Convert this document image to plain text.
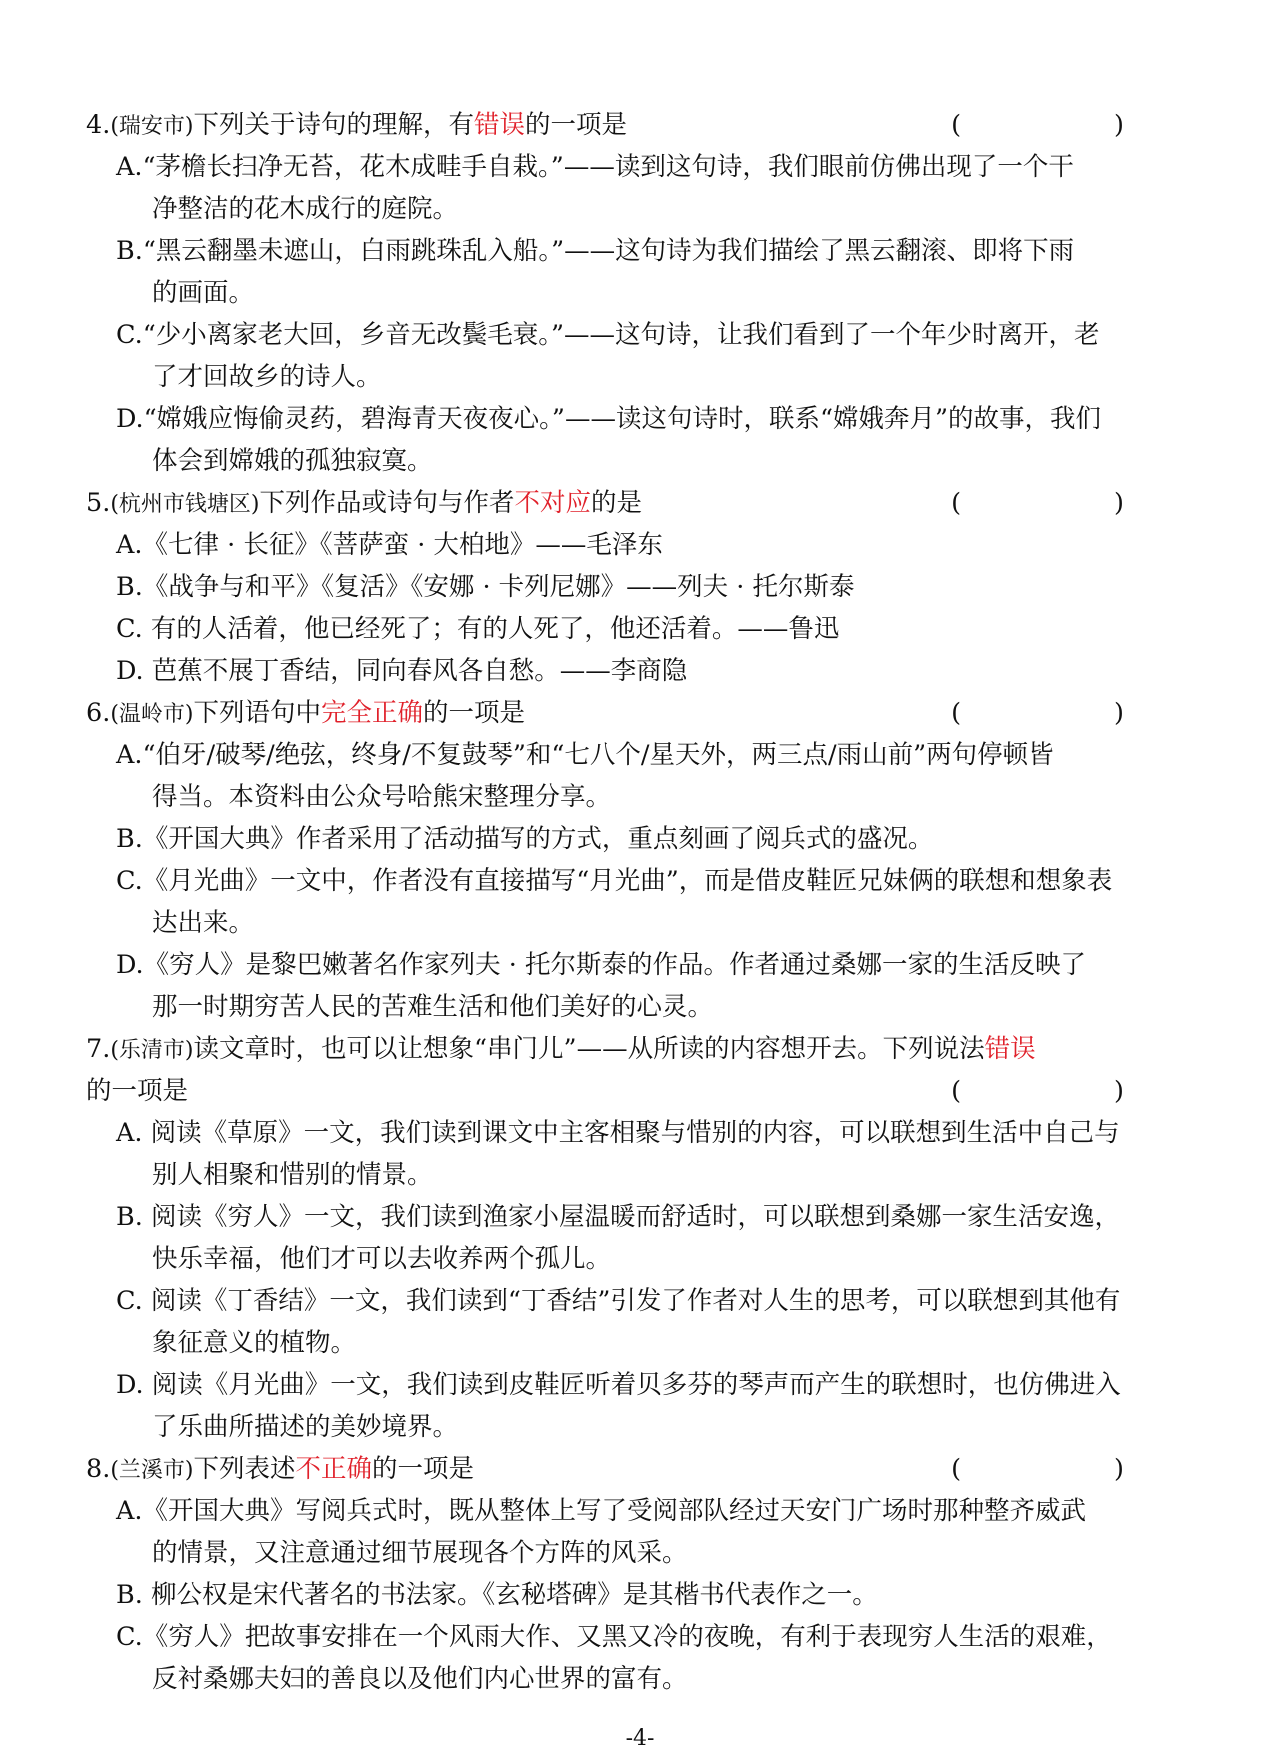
4.(瑞安市)下列关于诗句的理解，有错误的一项是	(　　)
A.“茅檐长扫净无苔，花木成畦手自栽。”——读到这句诗，我们眼前仿佛出现了一个干
净整洁的花木成行的庭院。
B.“黑云翻墨未遮山，白雨跳珠乱入船。”——这句诗为我们描绘了黑云翻滚、即将下雨
的画面。
C.“少小离家老大回，乡音无改鬓毛衰。”——这句诗，让我们看到了一个年少时离开，老
了才回故乡的诗人。
D.“嫦娥应悔偷灵药，碧海青天夜夜心。”——读这句诗时，联系“嫦娥奔月”的故事，我们
体会到嫦娥的孤独寂寞。
5.(杭州市钱塘区)下列作品或诗句与作者不对应的是	(　　)
A.《七律 · 长征》《菩萨蛮 · 大柏地》——毛泽东
B.《战争与和平》《复活》《安娜 · 卡列尼娜》——列夫 · 托尔斯泰
C. 有的人活着，他已经死了；有的人死了，他还活着。——鲁迅
D. 芭蕉不展丁香结，同向春风各自愁。——李商隐
6.(温岭市)下列语句中完全正确的一项是	(　　)
A.“伯牙/破琴/绝弦，终身/不复鼓琴”和“七八个/星天外，两三点/雨山前”两句停顿皆
得当。本资料由公众号哈熊宋整理分享。
B.《开国大典》作者采用了活动描写的方式，重点刻画了阅兵式的盛况。
C.《月光曲》一文中，作者没有直接描写“月光曲”，而是借皮鞋匠兄妹俩的联想和想象表
达出来。
D.《穷人》是黎巴嫩著名作家列夫 · 托尔斯泰的作品。作者通过桑娜一家的生活反映了
那一时期穷苦人民的苦难生活和他们美好的心灵。
7.(乐清市)读文章时，也可以让想象“串门儿”——从所读的内容想开去。下列说法错误
的一项是	(　　)
A. 阅读《草原》一文，我们读到课文中主客相聚与惜别的内容，可以联想到生活中自己与
别人相聚和惜别的情景。
B. 阅读《穷人》一文，我们读到渔家小屋温暖而舒适时，可以联想到桑娜一家生活安逸，
快乐幸福，他们才可以去收养两个孤儿。
C. 阅读《丁香结》一文，我们读到“丁香结”引发了作者对人生的思考，可以联想到其他有
象征意义的植物。
D. 阅读《月光曲》一文，我们读到皮鞋匠听着贝多芬的琴声而产生的联想时，也仿佛进入
了乐曲所描述的美妙境界。
8.(兰溪市)下列表述不正确的一项是	(　　)
A.《开国大典》写阅兵式时，既从整体上写了受阅部队经过天安门广场时那种整齐威武
的情景，又注意通过细节展现各个方阵的风采。
B. 柳公权是宋代著名的书法家。《玄秘塔碑》是其楷书代表作之一。
C.《穷人》把故事安排在一个风雨大作、又黑又冷的夜晚，有利于表现穷人生活的艰难，
反衬桑娜夫妇的善良以及他们内心世界的富有。
-4-
